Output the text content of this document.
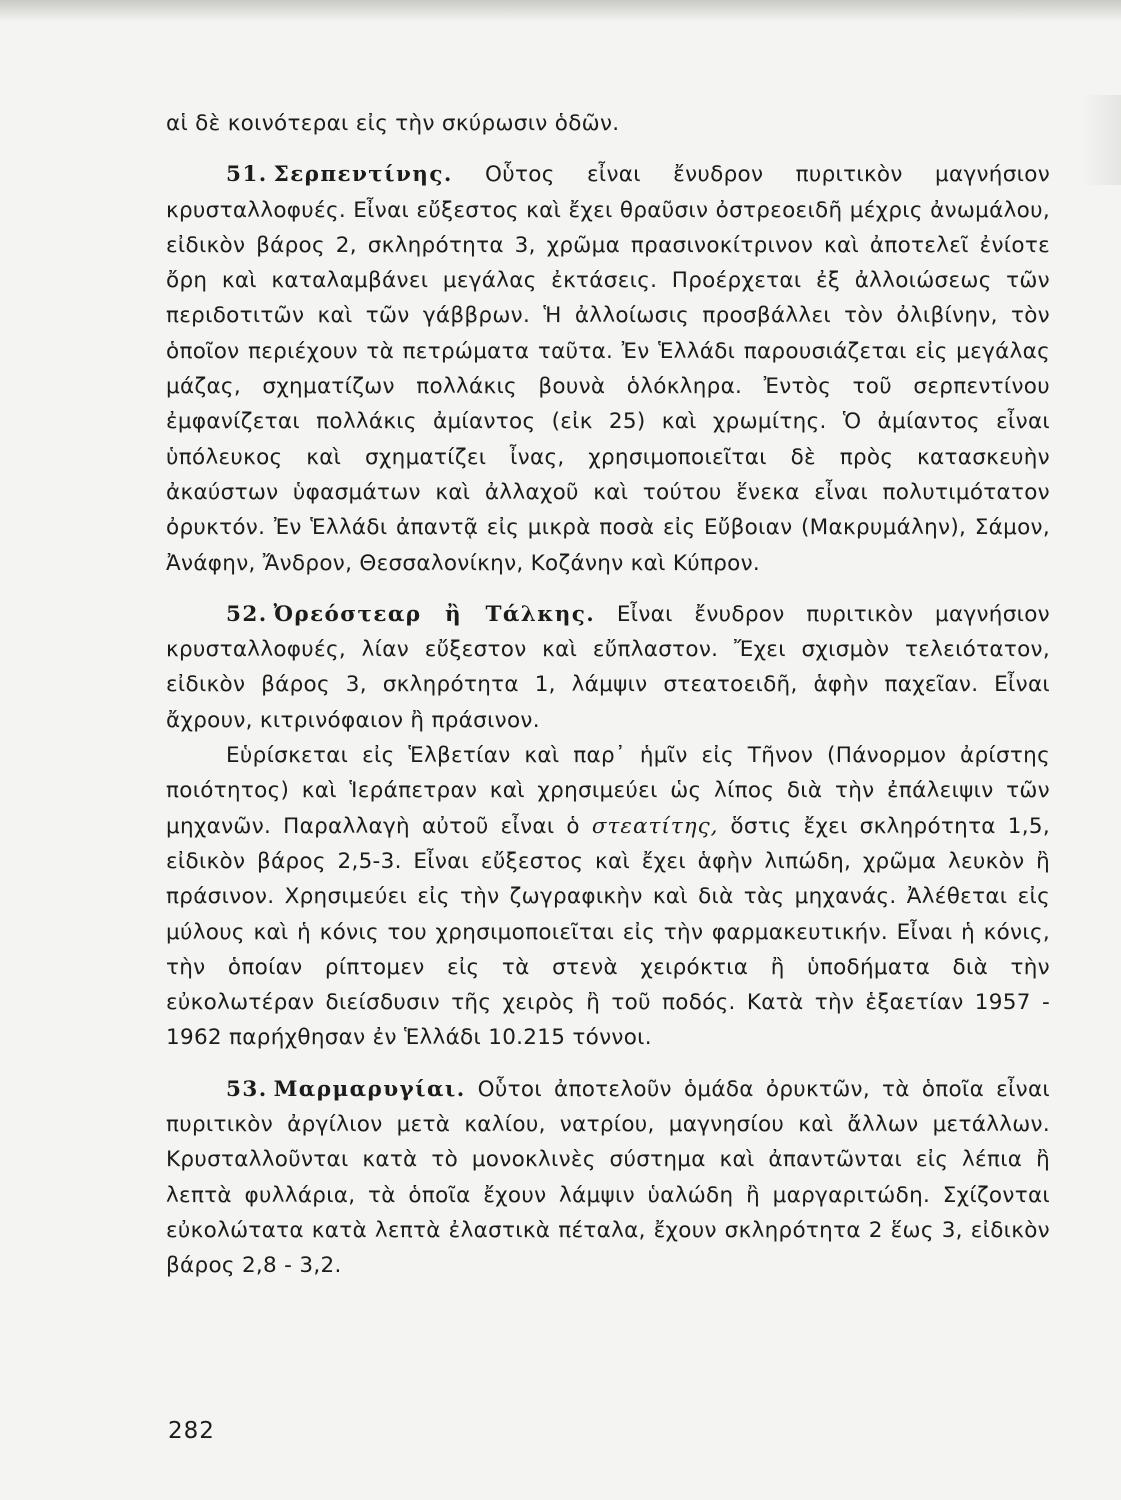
αἱ δὲ κοινότεραι εἰς τὴν σκύρωσιν ὁδῶν.

51. Σερπεντίνης. Οὗτος εἶναι ἔνυδρον πυριτικὸν μαγνήσιον κρυσταλλοφυές. Εἶναι εὔξεστος καὶ ἔχει θραῦσιν ὀστρεοειδῆ μέχρις ἀνωμάλου, εἰδικὸν βάρος 2, σκληρότητα 3, χρῶμα πρασινοκίτρινον καὶ ἀποτελεῖ ἐνίοτε ὄρη καὶ καταλαμβάνει μεγάλας ἐκτάσεις. Προέρχεται ἐξ ἀλλοιώσεως τῶν περιδοτιτῶν καὶ τῶν γάββρων. Ἡ ἀλλοίωσις προσβάλλει τὸν ὀλιβίνην, τὸν ὁποῖον περιέχουν τὰ πετρώματα ταῦτα. Ἐν Ἑλλάδι παρουσιάζεται εἰς μεγάλας μάζας, σχηματίζων πολλάκις βουνὰ ὁλόκληρα. Ἐντὸς τοῦ σερπεντίνου ἐμφανίζεται πολλάκις ἀμίαντος (εἰκ 25) καὶ χρωμίτης. Ὁ ἀμίαντος εἶναι ὑπόλευκος καὶ σχηματίζει ἶνας, χρησιμοποιεῖται δὲ πρὸς κατασκευὴν ἀκαύστων ὑφασμάτων καὶ ἀλλαχοῦ καὶ τούτου ἕνεκα εἶναι πολυτιμότατον ὀρυκτόν. Ἐν Ἑλλάδι ἀπαντᾷ εἰς μικρὰ ποσὰ εἰς Εὔβοιαν (Μακρυμάλην), Σάμον, Ἀνάφην, Ἄνδρον, Θεσσαλονίκην, Κοζάνην καὶ Κύπρον.

52. Ὀρεόστεαρ ἢ Τάλκης. Εἶναι ἔνυδρον πυριτικὸν μαγνήσιον κρυσταλλοφυές, λίαν εὔξεστον καὶ εὔπλαστον. Ἔχει σχισμὸν τελειότατον, εἰδικὸν βάρος 3, σκληρότητα 1, λάμψιν στεατοειδῆ, ἁφὴν παχεῖαν. Εἶναι ἄχρουν, κιτρινόφαιον ἢ πράσινον.

Εὑρίσκεται εἰς Ἑλβετίαν καὶ παρ᾽ ἡμῖν εἰς Τῆνον (Πάνορμον ἀρίστης ποιότητος) καὶ Ἱεράπετραν καὶ χρησιμεύει ὡς λίπος διὰ τὴν ἐπάλειψιν τῶν μηχανῶν. Παραλλαγὴ αὐτοῦ εἶναι ὁ στεατίτης, ὅστις ἔχει σκληρότητα 1,5, εἰδικὸν βάρος 2,5-3. Εἶναι εὔξεστος καὶ ἔχει ἁφὴν λιπώδη, χρῶμα λευκὸν ἢ πράσινον. Χρησιμεύει εἰς τὴν ζωγραφικὴν καὶ διὰ τὰς μηχανάς. Ἀλέθεται εἰς μύλους καὶ ἡ κόνις του χρησιμοποιεῖται εἰς τὴν φαρμακευτικήν. Εἶναι ἡ κόνις, τὴν ὁποίαν ρίπτομεν εἰς τὰ στενὰ χειρόκτια ἢ ὑποδήματα διὰ τὴν εὐκολωτέραν διείσδυσιν τῆς χειρὸς ἢ τοῦ ποδός. Κατὰ τὴν ἑξαετίαν 1957 - 1962 παρήχθησαν ἐν Ἑλλάδι 10.215 τόννοι.

53. Μαρμαρυγίαι. Οὗτοι ἀποτελοῦν ὁμάδα ὀρυκτῶν, τὰ ὁποῖα εἶναι πυριτικὸν ἀργίλιον μετὰ καλίου, νατρίου, μαγνησίου καὶ ἄλλων μετάλλων. Κρυσταλλοῦνται κατὰ τὸ μονοκλινὲς σύστημα καὶ ἀπαντῶνται εἰς λέπια ἢ λεπτὰ φυλλάρια, τὰ ὁποῖα ἔχουν λάμψιν ὑαλώδη ἢ μαργαριτώδη. Σχίζονται εὐκολώτατα κατὰ λεπτὰ ἐλαστικὰ πέταλα, ἔχουν σκληρότητα 2 ἕως 3, εἰδικὸν βάρος 2,8 - 3,2.

282
